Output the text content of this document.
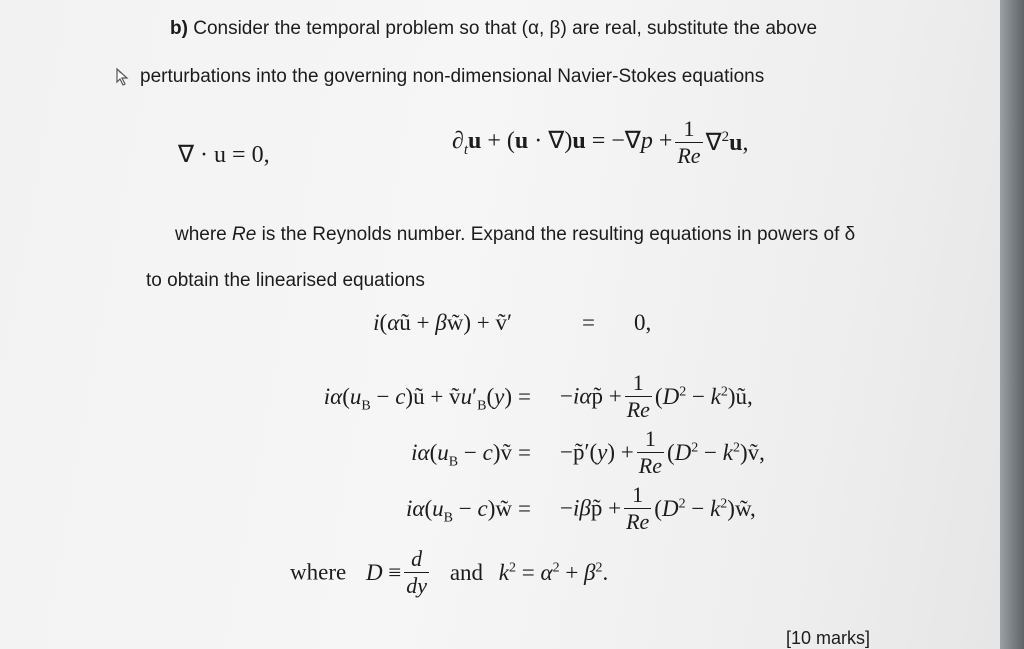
b) Consider the temporal problem so that (α, β) are real, substitute the above
perturbations into the governing non-dimensional Navier-Stokes equations
∇ · u = 0,
$\partial_tu + (u \cdot \nabla)u = -\nabla p + \frac{1}{Re} \nabla^2u$,
where Re is the Reynolds number. Expand the resulting equations in powers of δ
to obtain the linearised equations
i(αũ + βw̃) + ṽ′	= 0,
$i\alpha(u_B$ − c)ũ + $ṽu'_B(y)$ = −iαp̃ + $\frac{1}{Re} (D^2$ − $k^2)ũ$,
$i\alpha(u_B$ − c)ṽ = −p̃′(y) + $\frac{1}{Re} (D^2$ − $k^2)ṽ$,
$i\alpha(u_B$ − c)w̃ = −iβp̃ + $\frac{1}{Re} (D^2$ − $k^2)w̃$,
where $D \equiv \frac{d}{dy}$ and $k^2 = \alpha^2 + \beta^2$.
[10 marks]
